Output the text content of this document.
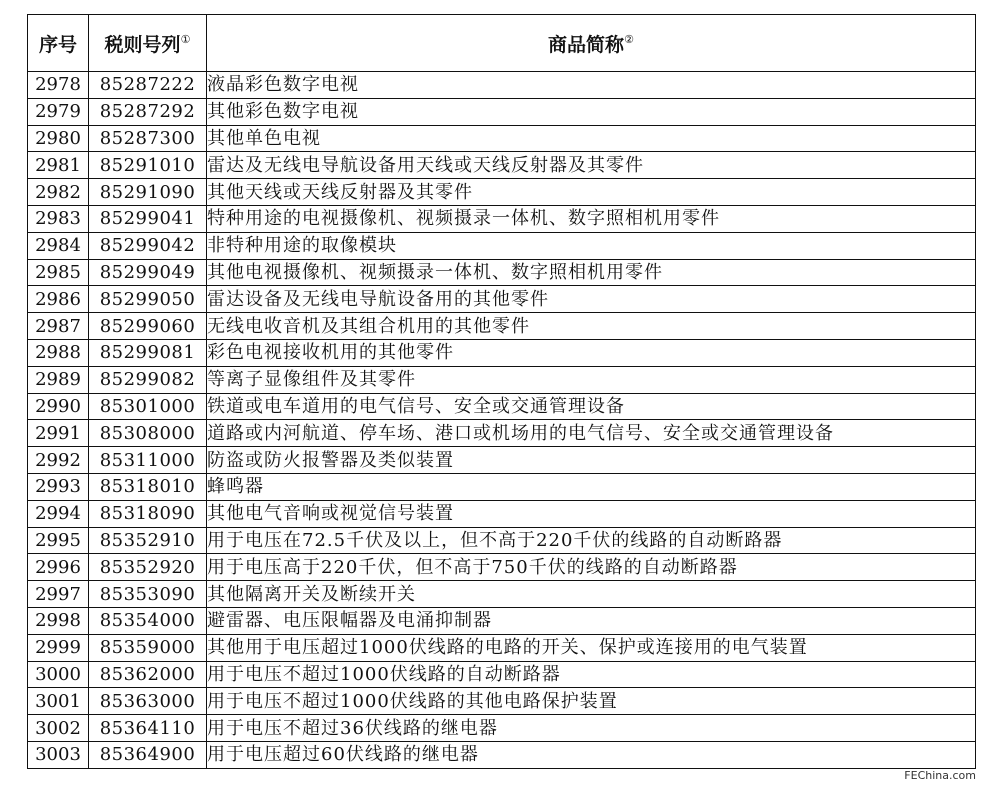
序号	税则号列①	商品简称②
2978	85287222	液晶彩色数字电视
2979	85287292	其他彩色数字电视
2980	85287300	其他单色电视
2981	85291010	雷达及无线电导航设备用天线或天线反射器及其零件
2982	85291090	其他天线或天线反射器及其零件
2983	85299041	特种用途的电视摄像机、视频摄录一体机、数字照相机用零件
2984	85299042	非特种用途的取像模块
2985	85299049	其他电视摄像机、视频摄录一体机、数字照相机用零件
2986	85299050	雷达设备及无线电导航设备用的其他零件
2987	85299060	无线电收音机及其组合机用的其他零件
2988	85299081	彩色电视接收机用的其他零件
2989	85299082	等离子显像组件及其零件
2990	85301000	铁道或电车道用的电气信号、安全或交通管理设备
2991	85308000	道路或内河航道、停车场、港口或机场用的电气信号、安全或交通管理设备
2992	85311000	防盗或防火报警器及类似装置
2993	85318010	蜂鸣器
2994	85318090	其他电气音响或视觉信号装置
2995	85352910	用于电压在72.5千伏及以上，但不高于220千伏的线路的自动断路器
2996	85352920	用于电压高于220千伏，但不高于750千伏的线路的自动断路器
2997	85353090	其他隔离开关及断续开关
2998	85354000	避雷器、电压限幅器及电涌抑制器
2999	85359000	其他用于电压超过1000伏线路的电路的开关、保护或连接用的电气装置
3000	85362000	用于电压不超过1000伏线路的自动断路器
3001	85363000	用于电压不超过1000伏线路的其他电路保护装置
3002	85364110	用于电压不超过36伏线路的继电器
3003	85364900	用于电压超过60伏线路的继电器
FEChina.com
